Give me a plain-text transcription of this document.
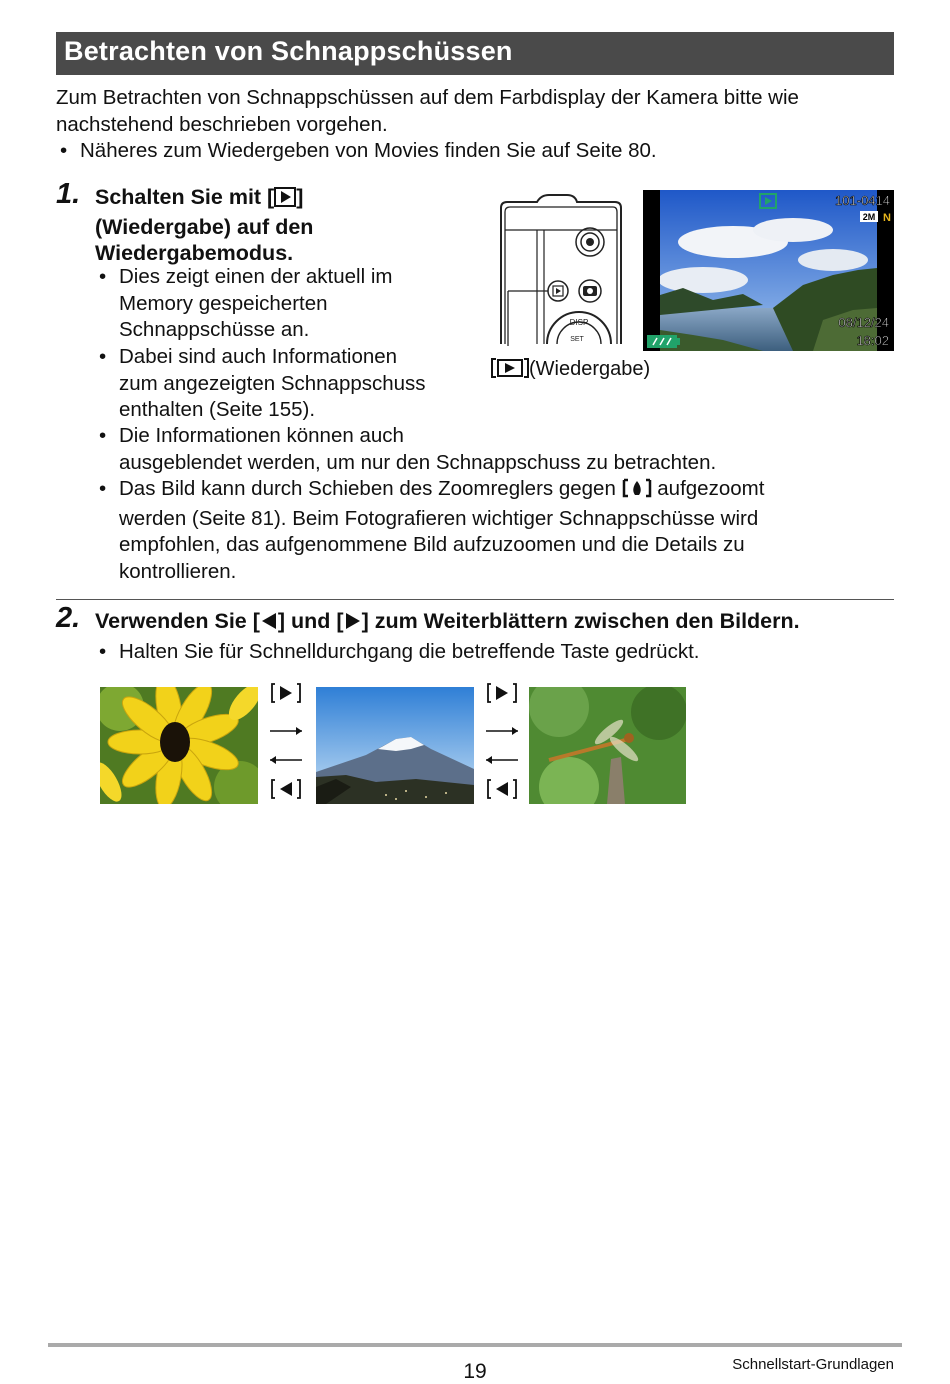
Betrachten von Schnappschüssen
Zum Betrachten von Schnappschüssen auf dem Farbdisplay der Kamera bitte wie
nachstehend beschrieben vorgehen.
• Näheres zum Wiedergeben von Movies finden Sie auf Seite 80.
1. Schalten Sie mit [ ]
(Wiedergabe) auf den
Wiedergabemodus.
• Dies zeigt einen der aktuell im
Memory gespeicherten
Schnappschüsse an.
• Dabei sind auch Informationen
zum angezeigten Schnappschuss
enthalten (Seite 155).
• Die Informationen können auch
ausgeblendet werden, um nur den Schnappschuss zu betrachten.
• Das Bild kann durch Schieben des Zoomreglers gegen aufgezoomt
werden (Seite 81). Beim Fotografieren wichtiger Schnappschüsse wird
empfohlen, das aufgenommene Bild aufzuzoomen und die Details zu
kontrollieren.
DISP
SET
(Wiedergabe)
101-0414
2M N
08/12/24
18:02
2. Verwenden Sie [ ] und [ ] zum Weiterblättern zwischen den Bildern.
• Halten Sie für Schnelldurchgang die betreffende Taste gedrückt.
19	Schnellstart-Grundlagen
